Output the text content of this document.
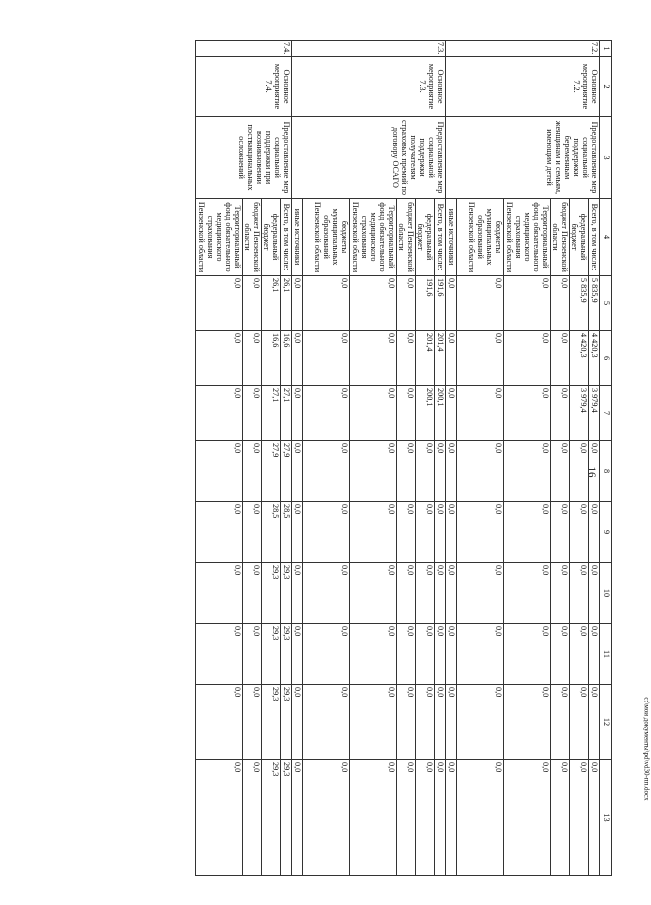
16
c:\мои документы\pd\vd30-пп.docx
1	2	3	4	5	6	7	8	9	10	11	12	13
7.2.	Основное мероприятие 7.2.	Предоставление мер социальной поддержки беременным женщинам и семьям, имеющим детей	Всего, в том числе:	5 835,9	4 420,3	3 979,4	0,0	0,0	0,0	0,0	0,0	0,0
			федеральный бюджет	5 835,9	4 420,3	3 979,4	0,0	0,0	0,0	0,0	0,0	0,0
			бюджет Пензенской области	0,0	0,0	0,0	0,0	0,0	0,0	0,0	0,0	0,0
			Территориальный фонд обязательного медицинского страхования Пензенской области	0,0	0,0	0,0	0,0	0,0	0,0	0,0	0,0	0,0
			бюджеты муниципальных образований Пензенской области	0,0	0,0	0,0	0,0	0,0	0,0	0,0	0,0	0,0
			иные источники	0,0	0,0	0,0	0,0	0,0	0,0	0,0	0,0	0,0
7.3.	Основное мероприятие 7.3.	Предоставление мер социальной поддержки получателям страховых премий по договору ОСАГО	Всего, в том числе:	191,6	201,4	200,1	0,0	0,0	0,0	0,0	0,0	0,0
			федеральный бюджет	191,6	201,4	200,1	0,0	0,0	0,0	0,0	0,0	0,0
			бюджет Пензенской области	0,0	0,0	0,0	0,0	0,0	0,0	0,0	0,0	0,0
			Территориальный фонд обязательного медицинского страхования Пензенской области	0,0	0,0	0,0	0,0	0,0	0,0	0,0	0,0	0,0
			бюджеты муниципальных образований Пензенской области	0,0	0,0	0,0	0,0	0,0	0,0	0,0	0,0	0,0
			иные источники	0,0	0,0	0,0	0,0	0,0	0,0	0,0	0,0	0,0
7.4.	Основное мероприятие 7.4.	Предоставление мер социальной поддержки при возникновении поствакцинальных осложнений	Всего, в том числе:	26,1	16,6	27,1	27,9	28,5	29,3	29,3	29,3	29,3
			федеральный бюджет	26,1	16,6	27,1	27,9	28,5	29,3	29,3	29,3	29,3
			бюджет Пензенской области	0,0	0,0	0,0	0,0	0,0	0,0	0,0	0,0	0,0
			Территориальный фонд обязательного медицинского страхования Пензенской области	0,0	0,0	0,0	0,0	0,0	0,0	0,0	0,0	0,0
